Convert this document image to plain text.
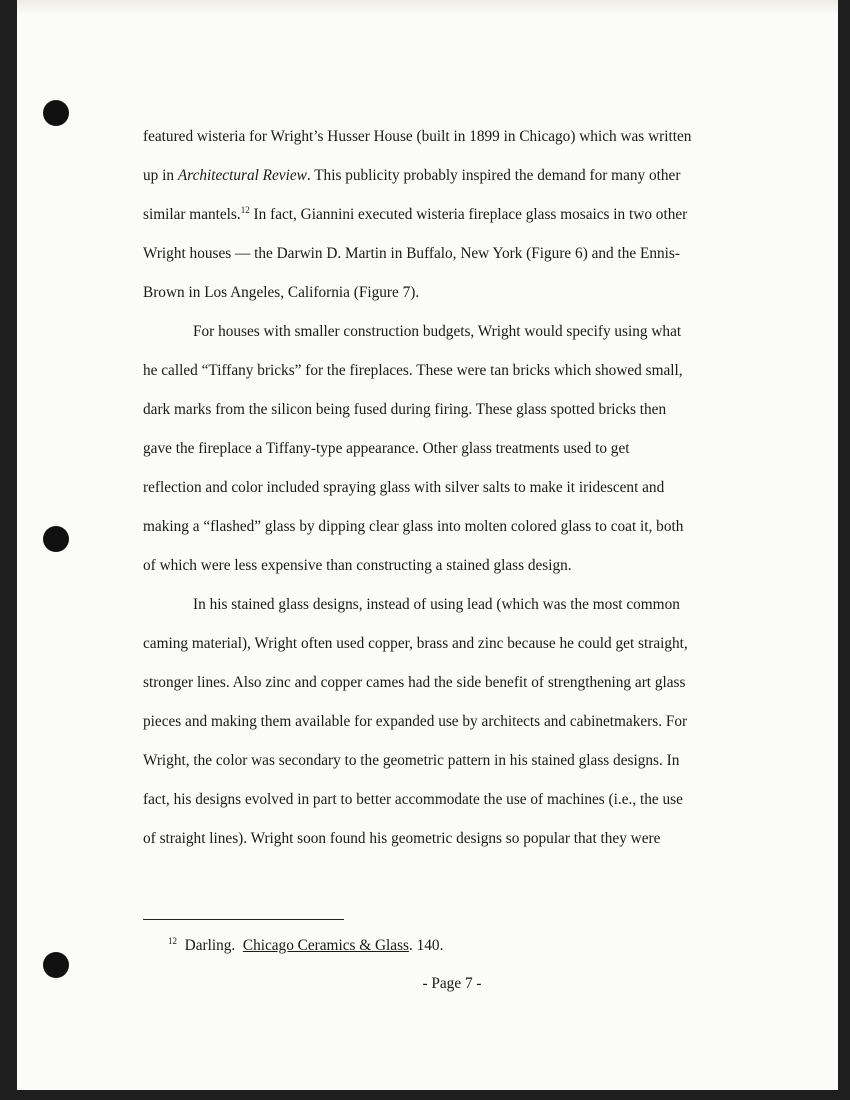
featured wisteria for Wright’s Husser House (built in 1899 in Chicago) which was written
up in Architectural Review. This publicity probably inspired the demand for many other
similar mantels.$^{12}$ In fact, Giannini executed wisteria fireplace glass mosaics in two other
Wright houses — the Darwin D. Martin in Buffalo, New York (Figure 6) and the Ennis-
Brown in Los Angeles, California (Figure 7).
For houses with smaller construction budgets, Wright would specify using what
he called “Tiffany bricks” for the fireplaces. These were tan bricks which showed small,
dark marks from the silicon being fused during firing. These glass spotted bricks then
gave the fireplace a Tiffany-type appearance. Other glass treatments used to get
reflection and color included spraying glass with silver salts to make it iridescent and
making a “flashed” glass by dipping clear glass into molten colored glass to coat it, both
of which were less expensive than constructing a stained glass design.
In his stained glass designs, instead of using lead (which was the most common
caming material), Wright often used copper, brass and zinc because he could get straight,
stronger lines. Also zinc and copper cames had the side benefit of strengthening art glass
pieces and making them available for expanded use by architects and cabinetmakers. For
Wright, the color was secondary to the geometric pattern in his stained glass designs. In
fact, his designs evolved in part to better accommodate the use of machines (i.e., the use
of straight lines). Wright soon found his geometric designs so popular that they were
$^{12}$ Darling. Chicago Ceramics & Glass. 140.
- Page 7 -
